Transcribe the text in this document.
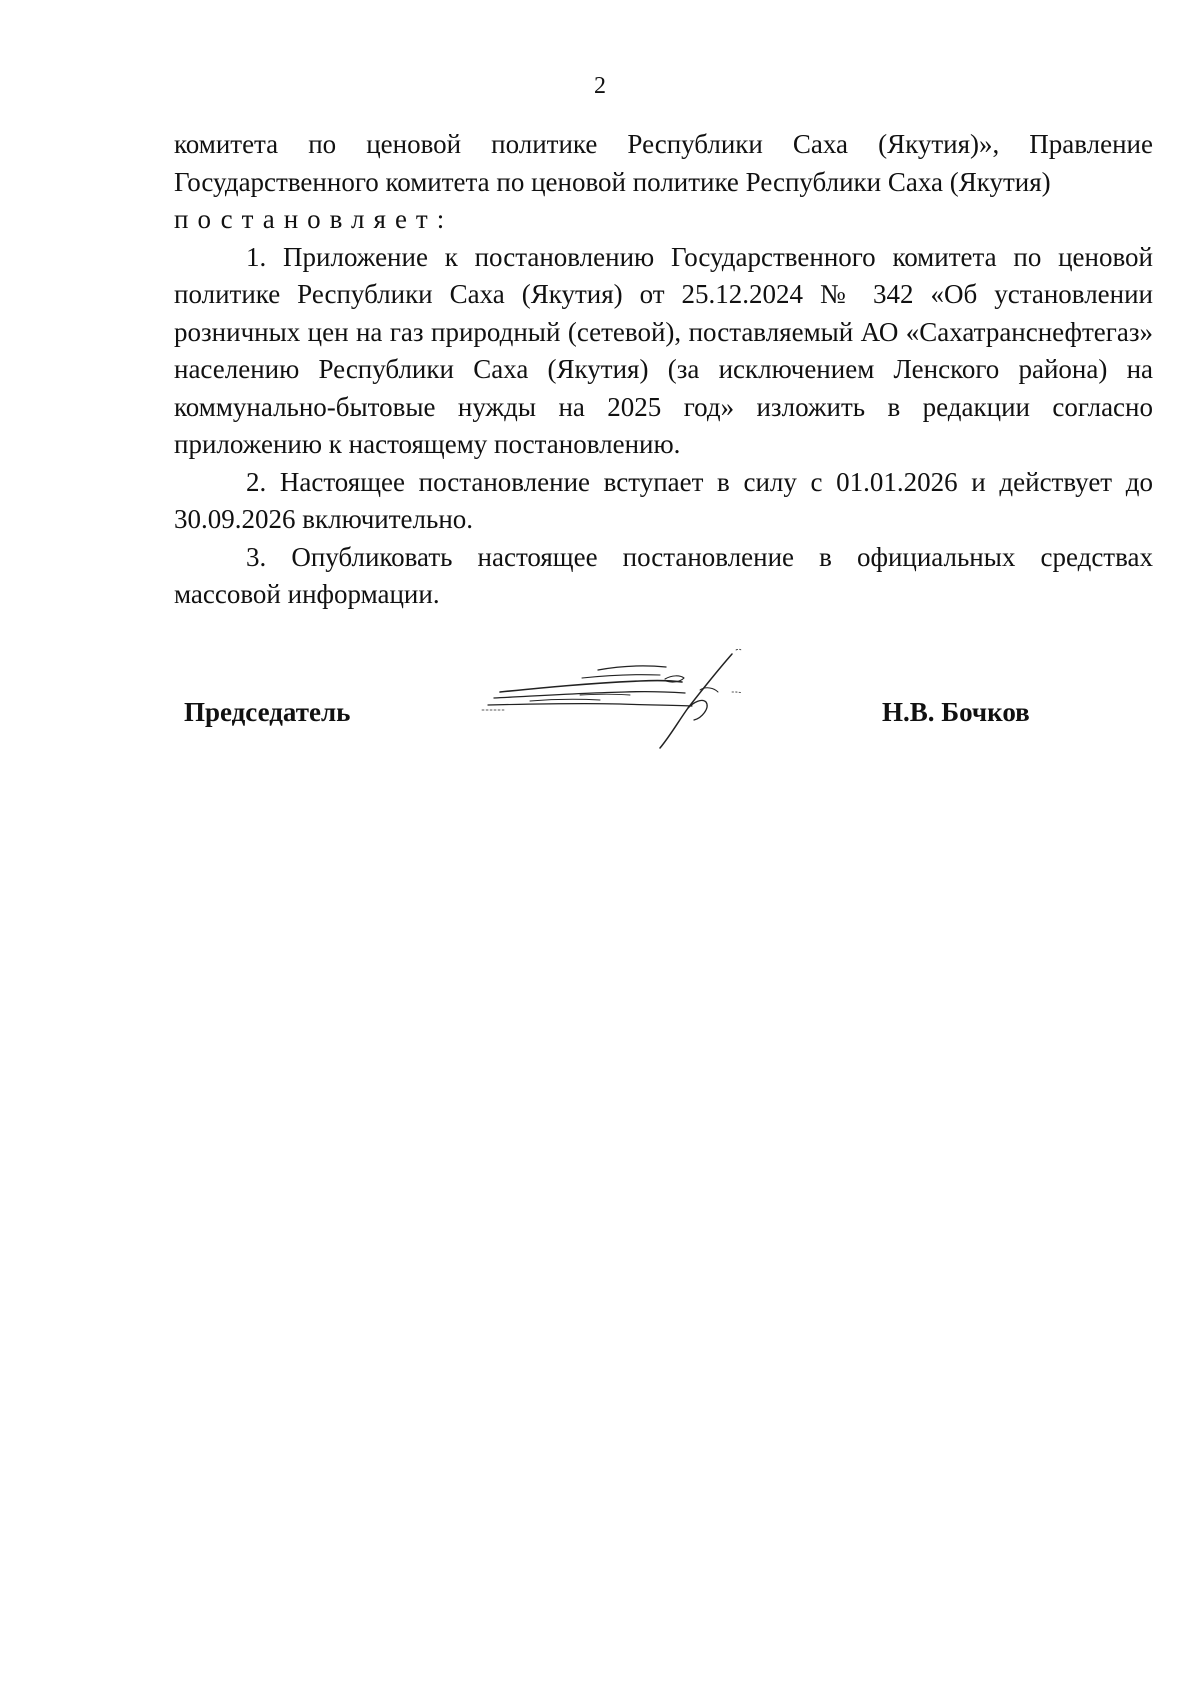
2

комитета по ценовой политике Республики Саха (Якутия)», Правление Государственного комитета по ценовой политике Республики Саха (Якутия)

постановляет:

1. Приложение к постановлению Государственного комитета по ценовой политике Республики Саха (Якутия) от 25.12.2024 № 342 «Об установлении розничных цен на газ природный (сетевой), поставляемый АО «Сахатранснефтегаз» населению Республики Саха (Якутия) (за исключением Ленского района) на коммунально-бытовые нужды на 2025 год» изложить в редакции согласно приложению к настоящему постановлению.

2. Настоящее постановление вступает в силу с 01.01.2026 и действует до 30.09.2026 включительно.

3. Опубликовать настоящее постановление в официальных средствах массовой информации.

Председатель	Н.В. Бочков
